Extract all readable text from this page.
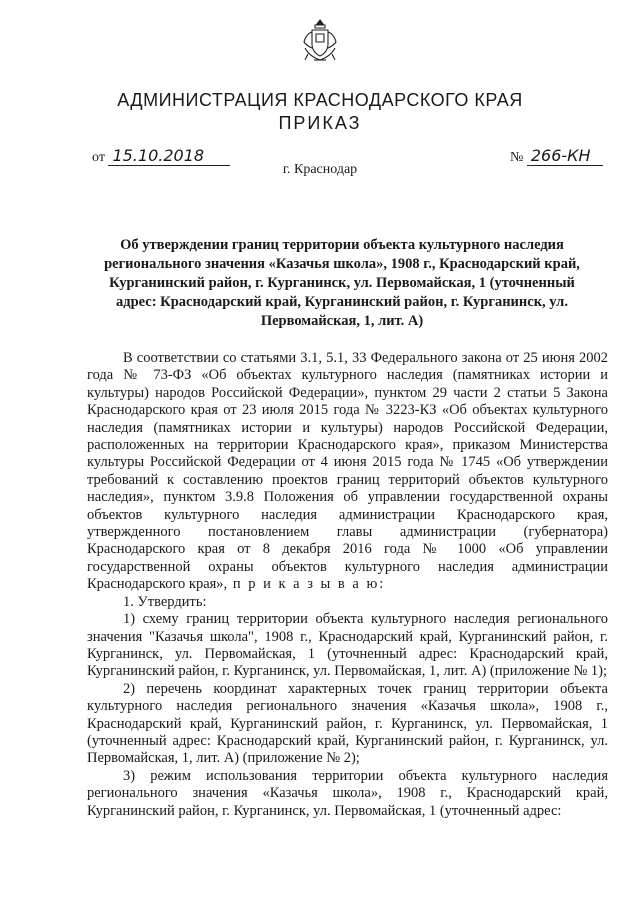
АДМИНИСТРАЦИЯ КРАСНОДАРСКОГО КРАЯ
ПРИКАЗ
от 15.10.2018	№ 266-КН
г. Краснодар
Об утверждении границ территории объекта культурного наследия регионального значения «Казачья школа», 1908 г., Краснодарский край, Курганинский район, г. Курганинск, ул. Первомайская, 1 (уточненный адрес: Краснодарский край, Курганинский район, г. Курганинск, ул. Первомайская, 1, лит. А)

В соответствии со статьями 3.1, 5.1, 33 Федерального закона от 25 июня 2002 года № 73-ФЗ «Об объектах культурного наследия (памятниках истории и культуры) народов Российской Федерации», пунктом 29 части 2 статьи 5 Закона Краснодарского края от 23 июля 2015 года № 3223-КЗ «Об объектах культурного наследия (памятниках истории и культуры) народов Российской Федерации, расположенных на территории Краснодарского края», приказом Министерства культуры Российской Федерации от 4 июня 2015 года № 1745 «Об утверждении требований к составлению проектов границ территорий объектов культурного наследия», пунктом 3.9.8 Положения об управлении государственной охраны объектов культурного наследия администрации Краснодарского края, утвержденного постановлением главы администрации (губернатора) Краснодарского края от 8 декабря 2016 года № 1000 «Об управлении государственной охраны объектов культурного наследия администрации Краснодарского края», п р и к а з ы в а ю:

1. Утвердить:

1) схему границ территории объекта культурного наследия регионального значения "Казачья школа", 1908 г., Краснодарский край, Курганинский район, г. Курганинск, ул. Первомайская, 1 (уточненный адрес: Краснодарский край, Курганинский район, г. Курганинск, ул. Первомайская, 1, лит. А) (приложение № 1);

2) перечень координат характерных точек границ территории объекта культурного наследия регионального значения «Казачья школа», 1908 г., Краснодарский край, Курганинский район, г. Курганинск, ул. Первомайская, 1 (уточненный адрес: Краснодарский край, Курганинский район, г. Курганинск, ул. Первомайская, 1, лит. А) (приложение № 2);

3) режим использования территории объекта культурного наследия регионального значения «Казачья школа», 1908 г., Краснодарский край, Курганинский район, г. Курганинск, ул. Первомайская, 1 (уточненный адрес:
